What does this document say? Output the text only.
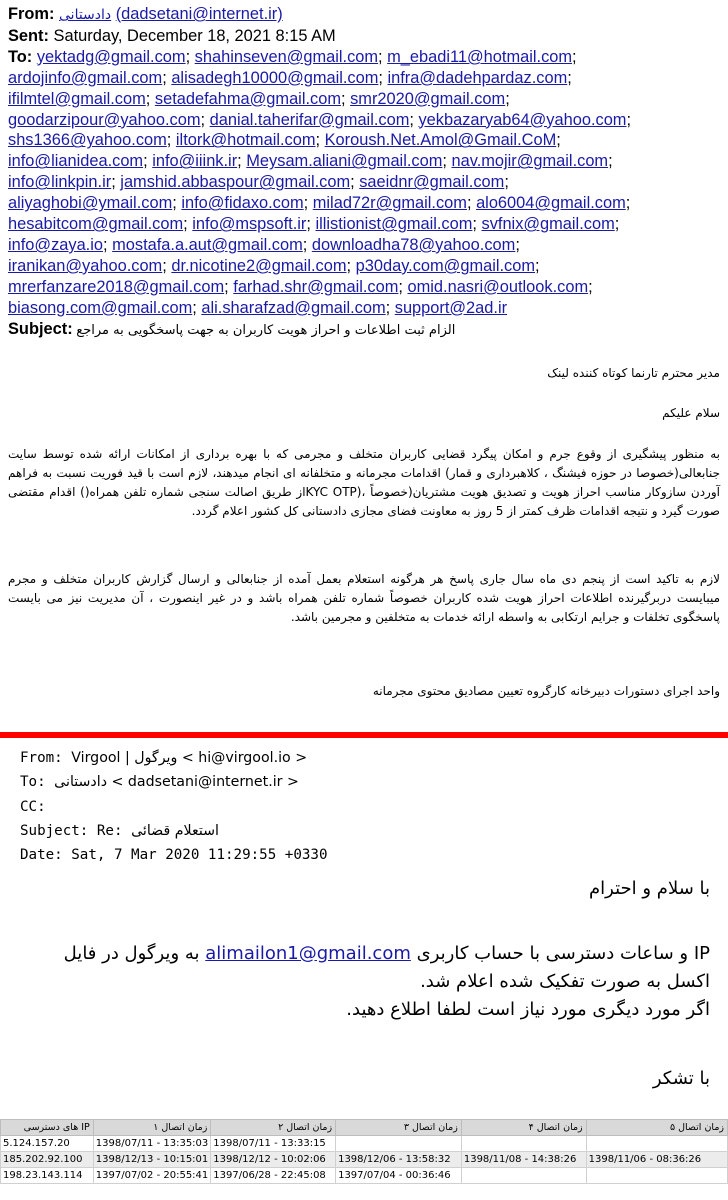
From: دادستانی (dadsetani@internet.ir)
Sent: Saturday, December 18, 2021 8:15 AM
To: yektadg@gmail.com; shahinseven@gmail.com; m_ebadi11@hotmail.com;
ardojinfo@gmail.com; alisadegh10000@gmail.com; infra@dadehpardaz.com;
ifilmtel@gmail.com; setadefahma@gmail.com; smr2020@gmail.com;
goodarzipour@yahoo.com; danial.taherifar@gmail.com; yekbazaryab64@yahoo.com;
shs1366@yahoo.com; iltork@hotmail.com; Koroush.Net.Amol@Gmail.CoM;
info@lianidea.com; info@iiink.ir; Meysam.aliani@gmail.com; nav.mojir@gmail.com;
info@linkpin.ir; jamshid.abbaspour@gmail.com; saeidnr@gmail.com;
aliyaghobi@ymail.com; info@fidaxo.com; milad72r@gmail.com; alo6004@gmail.com;
hesabitcom@gmail.com; info@mspsoft.ir; illistionist@gmail.com; svfnix@gmail.com;
info@zaya.io; mostafa.a.aut@gmail.com; downloadha78@yahoo.com;
iranikan@yahoo.com; dr.nicotine2@gmail.com; p30day.com@gmail.com;
mrerfanzare2018@gmail.com; farhad.shr@gmail.com; omid.nasri@outlook.com;
biasong.com@gmail.com; ali.sharafzad@gmail.com; support@2ad.ir
Subject: الزام ثبت اطلاعات و احراز هویت کاربران به جهت پاسخگویی به مراجع

مدیر محترم تارنما کوتاه کننده لینک

سلام علیکم

به منظور پیشگیری از وقوع جرم و امکان پیگرد قضایی کاربران متخلف و مجرمی که با بهره برداری از امکانات ارائه شده توسط سایت جنابعالی(خصوصا در حوزه فیشنگ ، کلاهبرداری و قمار) اقدامات مجرمانه و متخلفانه ای انجام میدهند، لازم است با قید فوریت نسبت به فراهم آوردن سازوکار مناسب احراز هویت و تصدیق هویت مشتریان(خصوصاً ،(KYC OTPاز طریق اصالت سنجی شماره تلفن همراه() اقدام مقتضی صورت گیرد و نتیجه اقدامات ظرف کمتر از 5 روز به معاونت فضای مجازی دادستانی کل کشور اعلام گردد.

لازم به تاکید است از پنجم دی ماه سال جاری پاسخ هر هرگونه استعلام بعمل آمده از جنابعالی و ارسال گزارش کاربران متخلف و مجرم میبایست دربرگیرنده اطلاعات احراز هویت شده کاربران خصوصاً شماره تلفن همراه باشد و در غیر اینصورت ، آن مدیریت نیز می بایست پاسخگوی تخلفات و جرایم ارتکابی به واسطه ارائه خدمات به متخلفین و مجرمین باشد.

واحد اجرای دستورات دبیرخانه کارگروه تعیین مصادیق محتوی مجرمانه

From: Virgool | ویرگول < hi@virgool.io >
To: دادستانی < dadsetani@internet.ir >
CC:
Subject: Re: استعلام قضائی
Date: Sat, 7 Mar 2020 11:29:55 +0330
با سلام و احترام
IP و ساعات دسترسی با حساب کاربری alimailon1@gmail.com به ویرگول در فایل
اکسل به صورت تفکیک شده اعلام شد.
اگر مورد دیگری مورد نیاز است لطفا اطلاع دهید.
با تشکر
IP های دسترسی	زمان اتصال ۱	زمان اتصال ۲	زمان اتصال ۳	زمان اتصال ۴	زمان اتصال ۵
5.124.157.20	1398/07/11 - 13:35:03	1398/07/11 - 13:33:15			
185.202.92.100	1398/12/13 - 10:15:01	1398/12/12 - 10:02:06	1398/12/06 - 13:58:32	1398/11/08 - 14:38:26	1398/11/06 - 08:36:26
198.23.143.114	1397/07/02 - 20:55:41	1397/06/28 - 22:45:08	1397/07/04 - 00:36:46		
